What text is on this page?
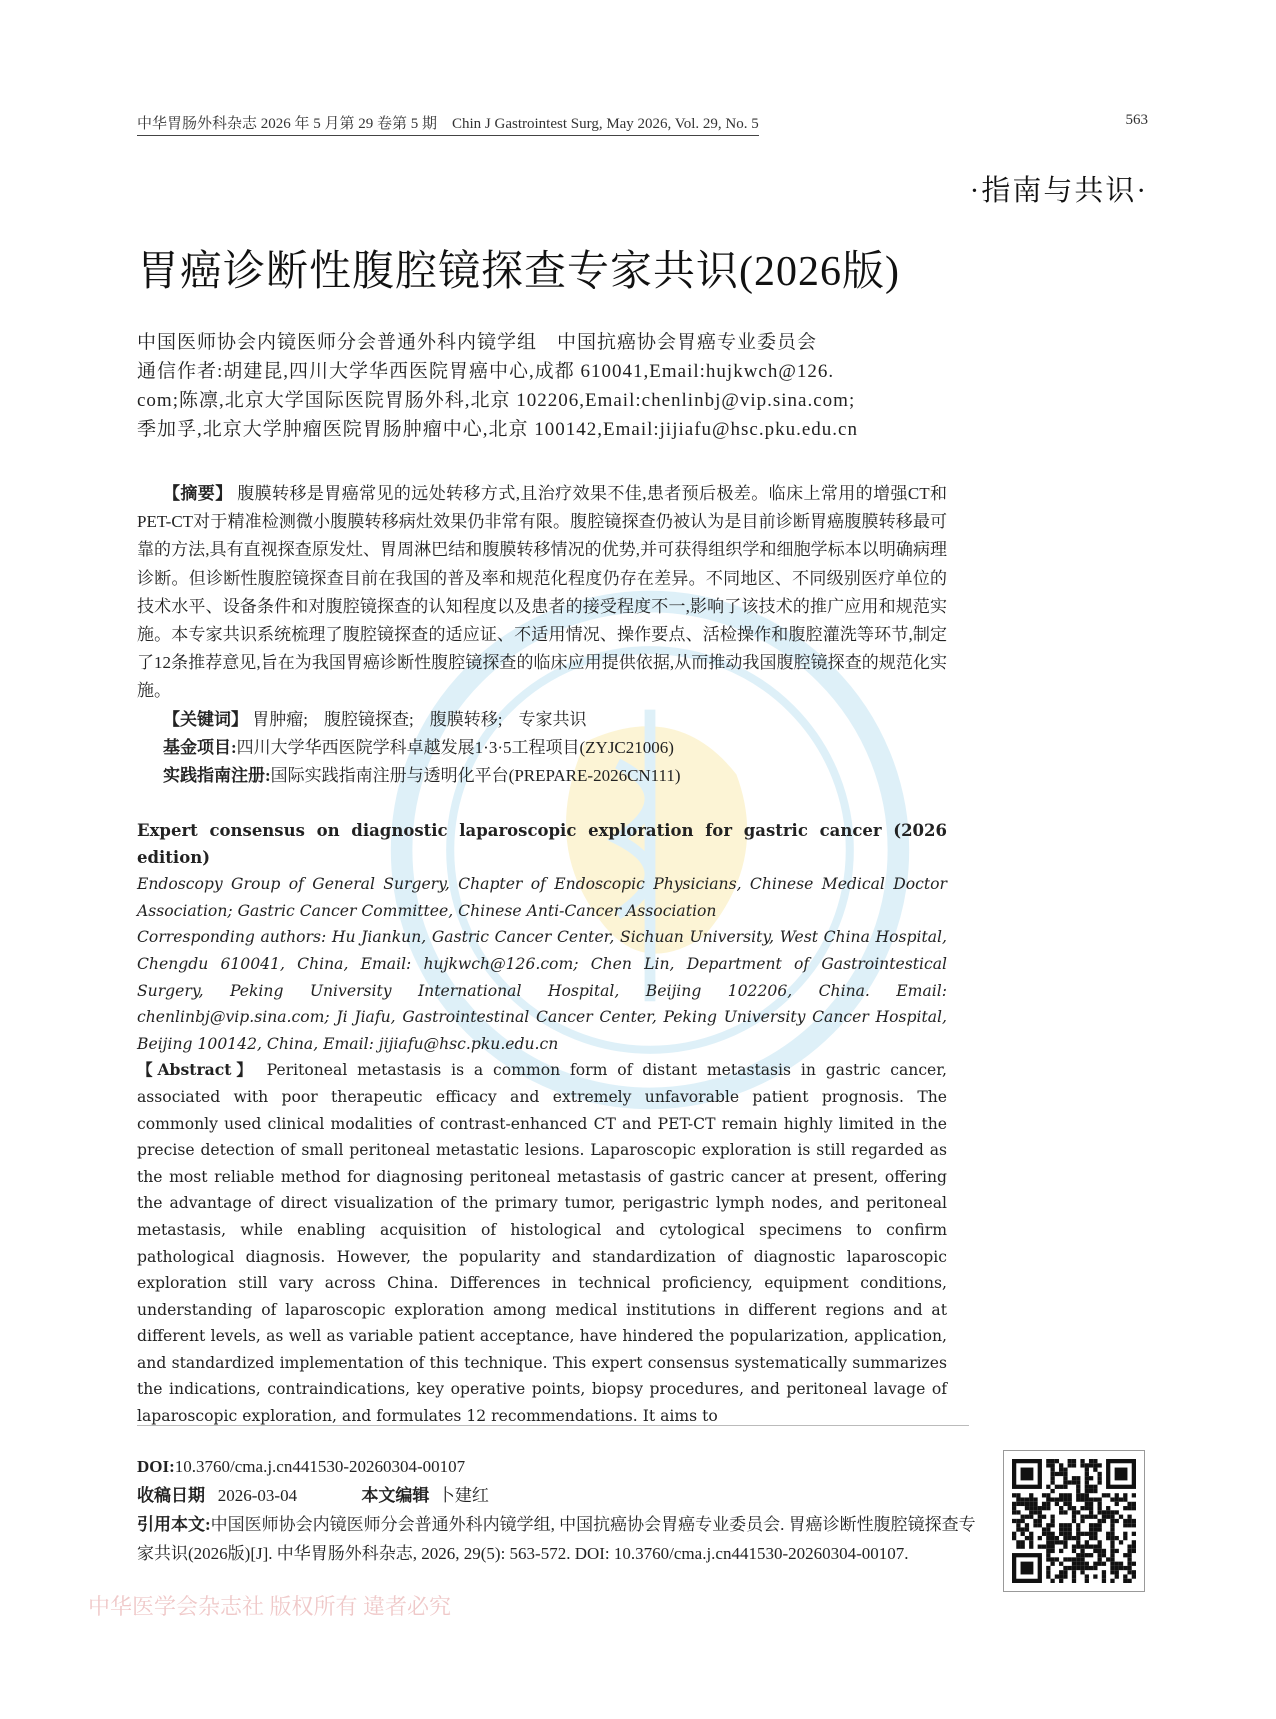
中华胃肠外科杂志 2026 年 5 月第 29 卷第 5 期　Chin J Gastrointest Surg, May 2026, Vol. 29, No. 5	563
·指南与共识·
胃癌诊断性腹腔镜探查专家共识(2026版)
中国医师协会内镜医师分会普通外科内镜学组　中国抗癌协会胃癌专业委员会
通信作者:胡建昆,四川大学华西医院胃癌中心,成都 610041,Email:hujkwch@126.
com;陈凛,北京大学国际医院胃肠外科,北京 102206,Email:chenlinbj@vip.sina.com;
季加孚,北京大学肿瘤医院胃肠肿瘤中心,北京 100142,Email:jijiafu@hsc.pku.edu.cn

【摘要】 腹膜转移是胃癌常见的远处转移方式,且治疗效果不佳,患者预后极差。临床上常用的增强CT和PET-CT对于精准检测微小腹膜转移病灶效果仍非常有限。腹腔镜探查仍被认为是目前诊断胃癌腹膜转移最可靠的方法,具有直视探查原发灶、胃周淋巴结和腹膜转移情况的优势,并可获得组织学和细胞学标本以明确病理诊断。但诊断性腹腔镜探查目前在我国的普及率和规范化程度仍存在差异。不同地区、不同级别医疗单位的技术水平、设备条件和对腹腔镜探查的认知程度以及患者的接受程度不一,影响了该技术的推广应用和规范实施。本专家共识系统梳理了腹腔镜探查的适应证、不适用情况、操作要点、活检操作和腹腔灌洗等环节,制定了12条推荐意见,旨在为我国胃癌诊断性腹腔镜探查的临床应用提供依据,从而推动我国腹腔镜探查的规范化实施。

【关键词】 胃肿瘤; 腹腔镜探查; 腹膜转移; 专家共识

基金项目:四川大学华西医院学科卓越发展1·3·5工程项目(ZYJC21006)

实践指南注册:国际实践指南注册与透明化平台(PREPARE-2026CN111)

Expert consensus on diagnostic laparoscopic exploration for gastric cancer (2026 edition)

Endoscopy Group of General Surgery, Chapter of Endoscopic Physicians, Chinese Medical Doctor Association; Gastric Cancer Committee, Chinese Anti-Cancer Association

Corresponding authors: Hu Jiankun, Gastric Cancer Center, Sichuan University, West China Hospital, Chengdu 610041, China, Email: hujkwch@126.com; Chen Lin, Department of Gastrointestical Surgery, Peking University International Hospital, Beijing 102206, China. Email: chenlinbj@vip.sina.com; Ji Jiafu, Gastrointestinal Cancer Center, Peking University Cancer Hospital, Beijing 100142, China, Email: jijiafu@hsc.pku.edu.cn

【Abstract】 Peritoneal metastasis is a common form of distant metastasis in gastric cancer, associated with poor therapeutic efficacy and extremely unfavorable patient prognosis. The commonly used clinical modalities of contrast-enhanced CT and PET-CT remain highly limited in the precise detection of small peritoneal metastatic lesions. Laparoscopic exploration is still regarded as the most reliable method for diagnosing peritoneal metastasis of gastric cancer at present, offering the advantage of direct visualization of the primary tumor, perigastric lymph nodes, and peritoneal metastasis, while enabling acquisition of histological and cytological specimens to confirm pathological diagnosis. However, the popularity and standardization of diagnostic laparoscopic exploration still vary across China. Differences in technical proficiency, equipment conditions, understanding of laparoscopic exploration among medical institutions in different regions and at different levels, as well as variable patient acceptance, have hindered the popularization, application, and standardized implementation of this technique. This expert consensus systematically summarizes the indications, contraindications, key operative points, biopsy procedures, and peritoneal lavage of laparoscopic exploration, and formulates 12 recommendations. It aims to

DOI:10.3760/cma.j.cn441530-20260304-00107
收稿日期 2026-03-04	本文编辑 卜建红
引用本文:中国医师协会内镜医师分会普通外科内镜学组, 中国抗癌协会胃癌专业委员会. 胃癌诊断性腹腔镜探查专家共识(2026版)[J]. 中华胃肠外科杂志, 2026, 29(5): 563-572. DOI: 10.3760/cma.j.cn441530-20260304-00107.
中华医学会杂志社 版权所有 違者必究
